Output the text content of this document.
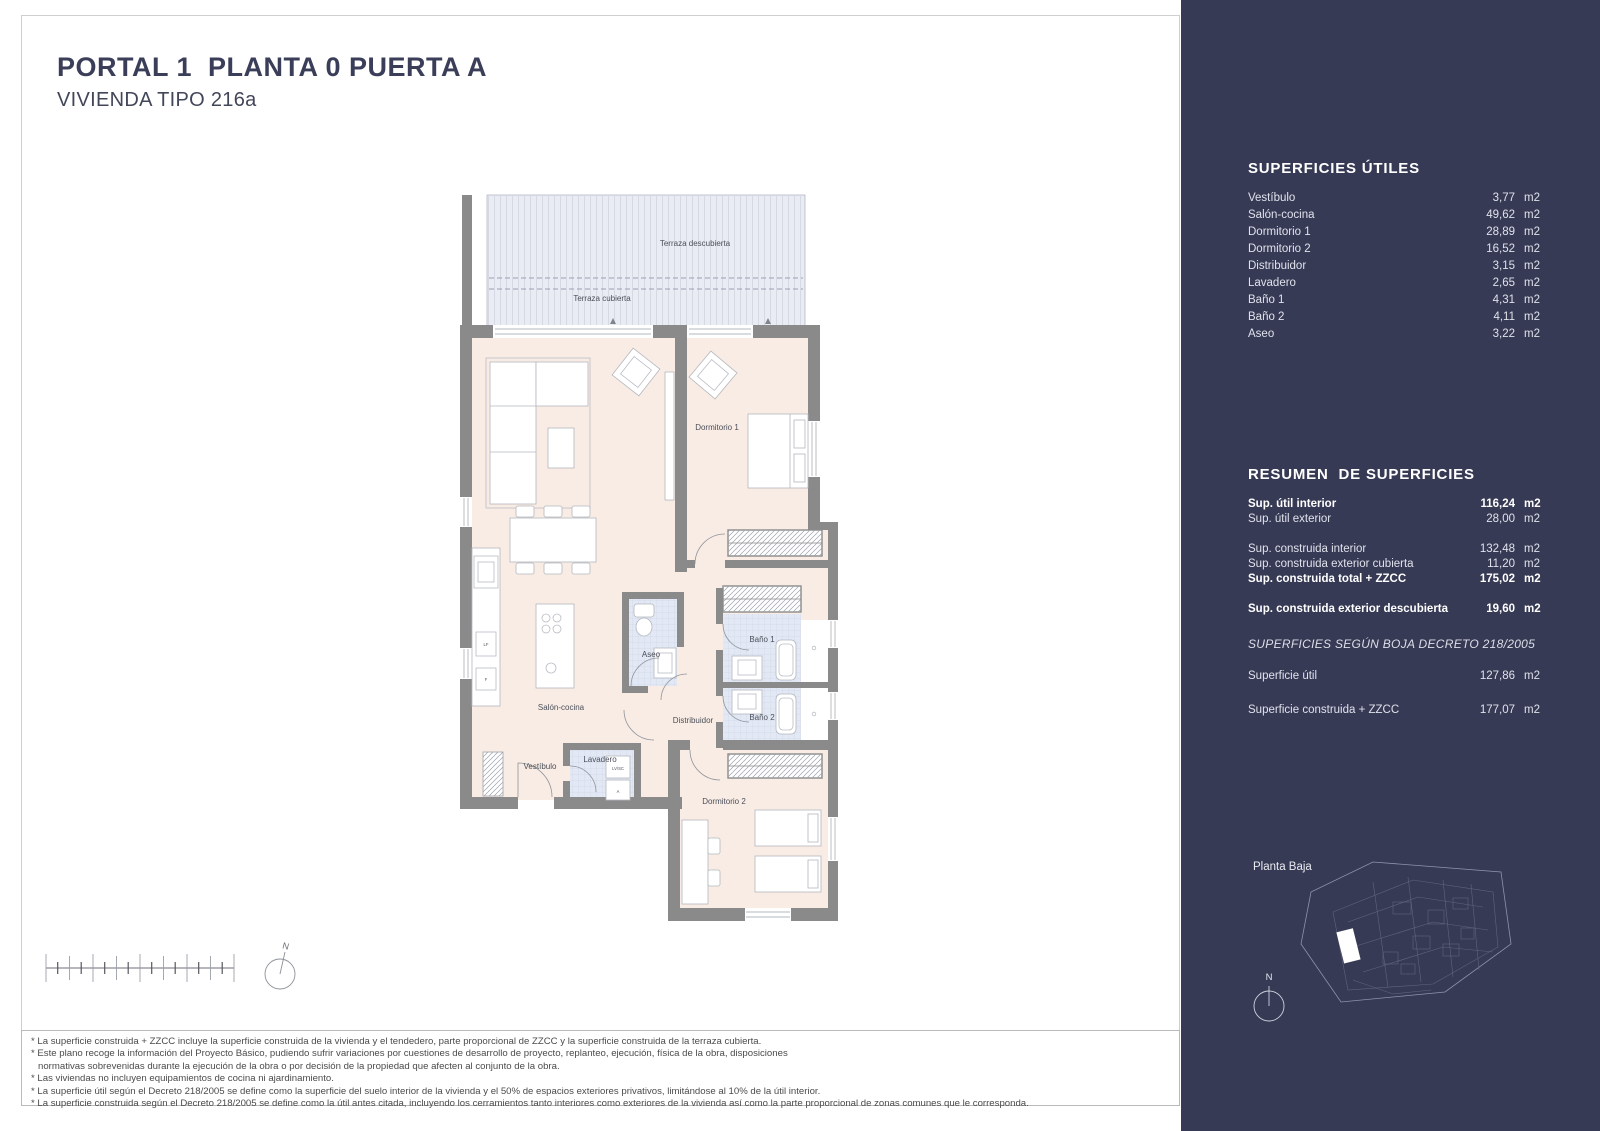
PORTAL 1  PLANTA 0 PUERTA A
VIVIENDA TIPO 216a
Terraza descubierta
Terraza cubierta
LF
F
LV/SC
A
Dormitorio 1
Salón-cocina
Aseo
Baño 1
Baño 2
Distribuidor
Vestíbulo
Lavadero
Dormitorio 2
N
SUPERFICIES ÚTILES
Vestíbulo	3,77 m2
Salón-cocina	49,62 m2
Dormitorio 1	28,89 m2
Dormitorio 2	16,52 m2
Distribuidor	3,15 m2
Lavadero	2,65 m2
Baño 1	4,31 m2
Baño 2	4,11 m2
Aseo	3,22 m2
RESUMEN  DE SUPERFICIES
Sup. útil interior	116,24 m2
Sup. útil exterior	28,00 m2
Sup. construida interior	132,48 m2
Sup. construida exterior cubierta	11,20 m2
Sup. construida total + ZZCC	175,02 m2
Sup. construida exterior descubierta	19,60 m2
SUPERFICIES SEGÚN BOJA DECRETO 218/2005
Superficie útil	127,86 m2
Superficie construida + ZZCC	177,07 m2
Planta Baja
N
* La superficie construida + ZZCC incluye la superficie construida de la vivienda y el tendedero, parte proporcional de ZZCC y la superficie construida de la terraza cubierta.
* Este plano recoge la información del Proyecto Básico, pudiendo sufrir variaciones por cuestiones de desarrollo de proyecto, replanteo, ejecución, física de la obra, disposiciones
normativas sobrevenidas durante la ejecución de la obra o por decisión de la propiedad que afecten al conjunto de la obra.
* Las viviendas no incluyen equipamientos de cocina ni ajardinamiento.
* La superficie útil según el Decreto 218/2005 se define como la superficie del suelo interior de la vivienda y el 50% de espacios exteriores privativos, limitándose al 10% de la útil interior.
* La superficie construida según el Decreto 218/2005 se define como la útil antes citada, incluyendo los cerramientos tanto interiores como exteriores de la vivienda así como la parte proporcional de zonas comunes que le corresponda.
